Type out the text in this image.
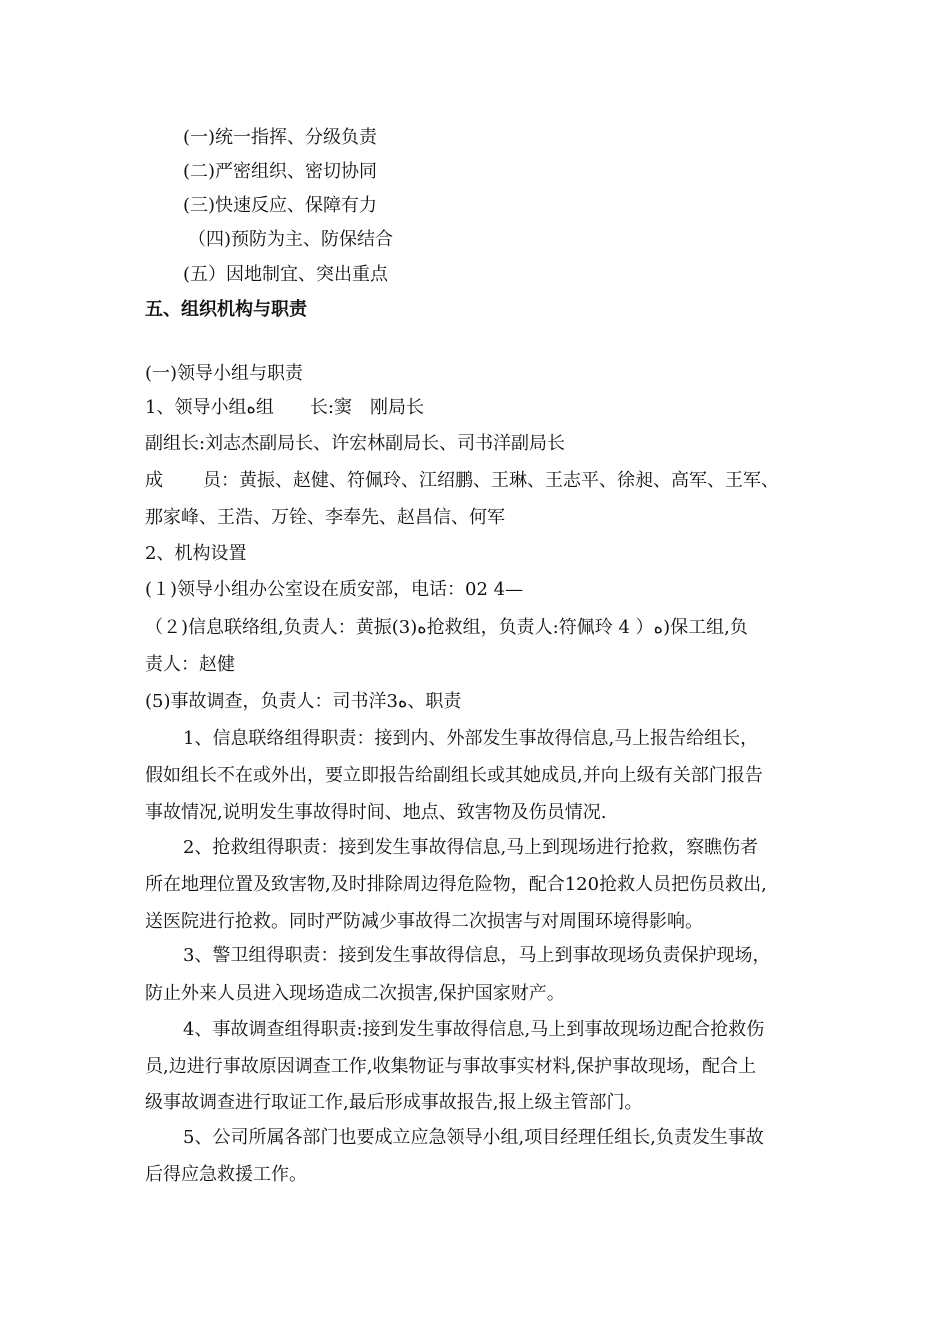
(一)统一指挥、分级负责
(二)严密组织、密切协同
(三)快速反应、保障有力
（四)预防为主、防保结合
(五）因地制宜、突出重点
五、组织机构与职责
(一)领导小组与职责
1、领导小组ﻩ组　　长:窦　刚局长
副组长:刘志杰副局长、许宏林副局长、司书洋副局长
成 员：黄振、赵健、符佩玲、江绍鹏、王琳、王志平、徐昶、高军、王军、
那家峰、王浩、万铨、李奉先、赵昌信、何军
2、机构设置
(１)领导小组办公室设在质安部，电话：02 4—
（２)信息联络组,负责人：黄振(3)ﻩ抢救组，负责人:符佩玲 4 ）ﻩ)保工组,负
责人：赵健
(5)事故调查，负责人：司书洋3ﻩ、职责
1、信息联络组得职责：接到内、外部发生事故得信息,马上报告给组长，
假如组长不在或外出，要立即报告给副组长或其她成员,并向上级有关部门报告
事故情况,说明发生事故得时间、地点、致害物及伤员情况.
2、抢救组得职责：接到发生事故得信息,马上到现场进行抢救，察瞧伤者
所在地理位置及致害物,及时排除周边得危险物，配合120抢救人员把伤员救出,
送医院进行抢救。同时严防减少事故得二次损害与对周围环境得影响。
3、警卫组得职责：接到发生事故得信息，马上到事故现场负责保护现场，
防止外来人员进入现场造成二次损害,保护国家财产。
4、事故调查组得职责:接到发生事故得信息,马上到事故现场边配合抢救伤
员,边进行事故原因调查工作,收集物证与事故事实材料,保护事故现场，配合上
级事故调查进行取证工作,最后形成事故报告,报上级主管部门。
5、公司所属各部门也要成立应急领导小组,项目经理任组长,负责发生事故
后得应急救援工作。
